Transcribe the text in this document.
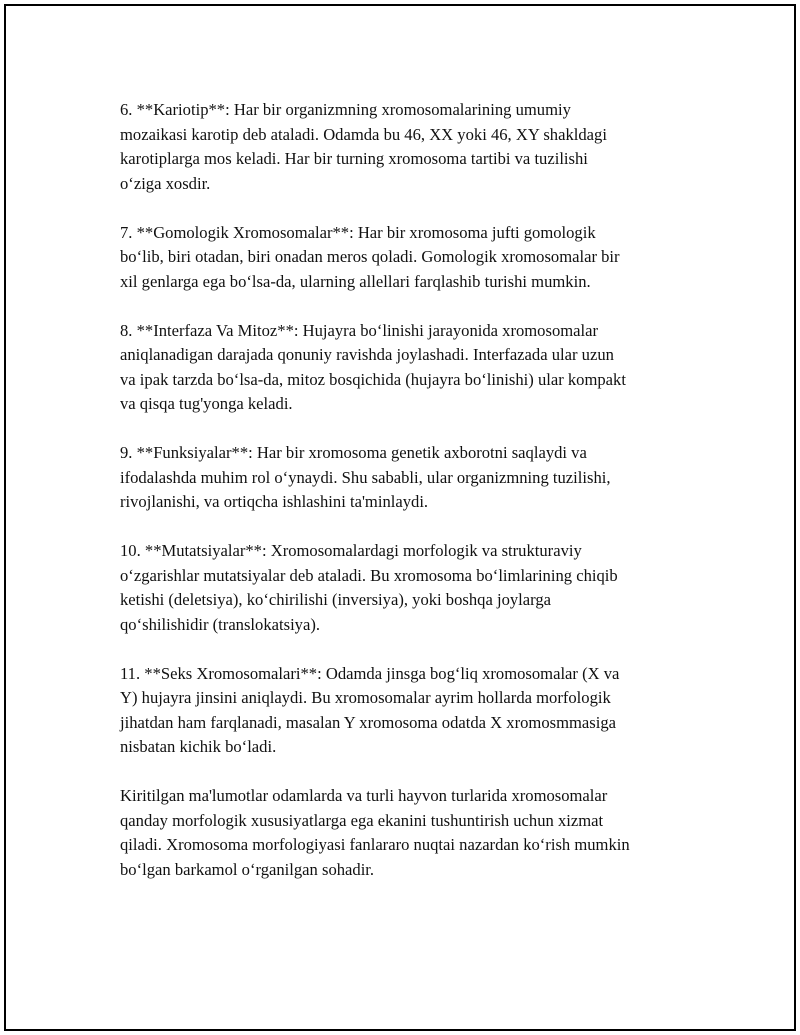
6. **Kariotip**: Har bir organizmning xromosomalarining umumiy
mozaikasi karotip deb ataladi. Odamda bu 46, XX yoki 46, XY shakldagi
karotiplarga mos keladi. Har bir turning xromosoma tartibi va tuzilishi
o‘ziga xosdir.

7. **Gomologik Xromosomalar**: Har bir xromosoma jufti gomologik
bo‘lib, biri otadan, biri onadan meros qoladi. Gomologik xromosomalar bir
xil genlarga ega bo‘lsa-da, ularning allellari farqlashib turishi mumkin.

8. **Interfaza Va Mitoz**: Hujayra bo‘linishi jarayonida xromosomalar
aniqlanadigan darajada qonuniy ravishda joylashadi. Interfazada ular uzun
va ipak tarzda bo‘lsa-da, mitoz bosqichida (hujayra bo‘linishi) ular kompakt
va qisqa tug'yonga keladi.

9. **Funksiyalar**: Har bir xromosoma genetik axborotni saqlaydi va
ifodalashda muhim rol o‘ynaydi. Shu sababli, ular organizmning tuzilishi,
rivojlanishi, va ortiqcha ishlashini ta'minlaydi.

10. **Mutatsiyalar**: Xromosomalardagi morfologik va strukturaviy
o‘zgarishlar mutatsiyalar deb ataladi. Bu xromosoma bo‘limlarining chiqib
ketishi (deletsiya), ko‘chirilishi (inversiya), yoki boshqa joylarga
qo‘shilishidir (translokatsiya).

11. **Seks Xromosomalari**: Odamda jinsga bog‘liq xromosomalar (X va
Y) hujayra jinsini aniqlaydi. Bu xromosomalar ayrim hollarda morfologik
jihatdan ham farqlanadi, masalan Y xromosoma odatda X xromosmmasiga
nisbatan kichik bo‘ladi.

Kiritilgan ma'lumotlar odamlarda va turli hayvon turlarida xromosomalar
qanday morfologik xususiyatlarga ega ekanini tushuntirish uchun xizmat
qiladi. Xromosoma morfologiyasi fanlararo nuqtai nazardan ko‘rish mumkin
bo‘lgan barkamol o‘rganilgan sohadir.
